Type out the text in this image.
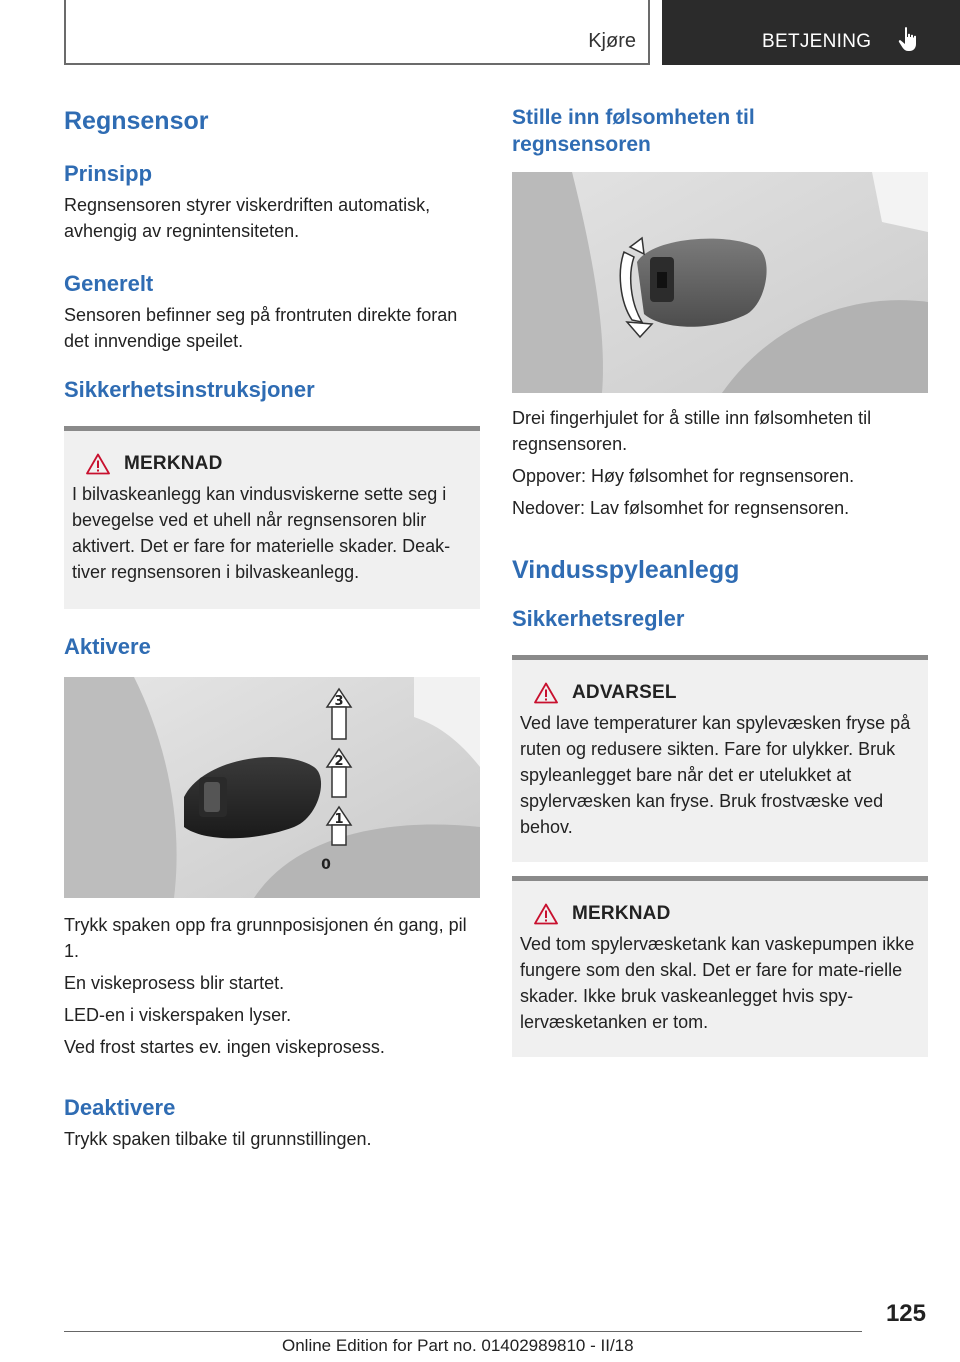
Kjøre	BETJENING
Regnsensor
Prinsipp

Regnsensoren styrer viskerdriften automatisk, avhengig av regnintensiteten.

Generelt

Sensoren befinner seg på frontruten direkte foran det innvendige speilet.

Sikkerhetsinstruksjoner
MERKNAD

I bilvaskeanlegg kan vindusviskerne sette seg i bevegelse ved et uhell når regnsensoren blir aktivert. Det er fare for materielle skader. Deak-tiver regnsensoren i bilvaskeanlegg.

Aktivere
3
2
1
0

Trykk spaken opp fra grunnposisjonen én gang, pil 1.

En viskeprosess blir startet.

LED-en i viskerspaken lyser.

Ved frost startes ev. ingen viskeprosess.

Deaktivere

Trykk spaken tilbake til grunnstillingen.

Stille inn følsomheten til regnsensoren

Drei fingerhjulet for å stille inn følsomheten til regnsensoren.

Oppover: Høy følsomhet for regnsensoren.

Nedover: Lav følsomhet for regnsensoren.

Vindusspyleanlegg
Sikkerhetsregler
ADVARSEL

Ved lave temperaturer kan spylevæsken fryse på ruten og redusere sikten. Fare for ulykker. Bruk spyleanlegget bare når det er utelukket at spylervæsken kan fryse. Bruk frostvæske ved behov.

MERKNAD

Ved tom spylervæsketank kan vaskepumpen ikke fungere som den skal. Det er fare for mate-rielle skader. Ikke bruk vaskeanlegget hvis spy-lervæsketanken er tom.

125
Online Edition for Part no. 01402989810 - II/18
